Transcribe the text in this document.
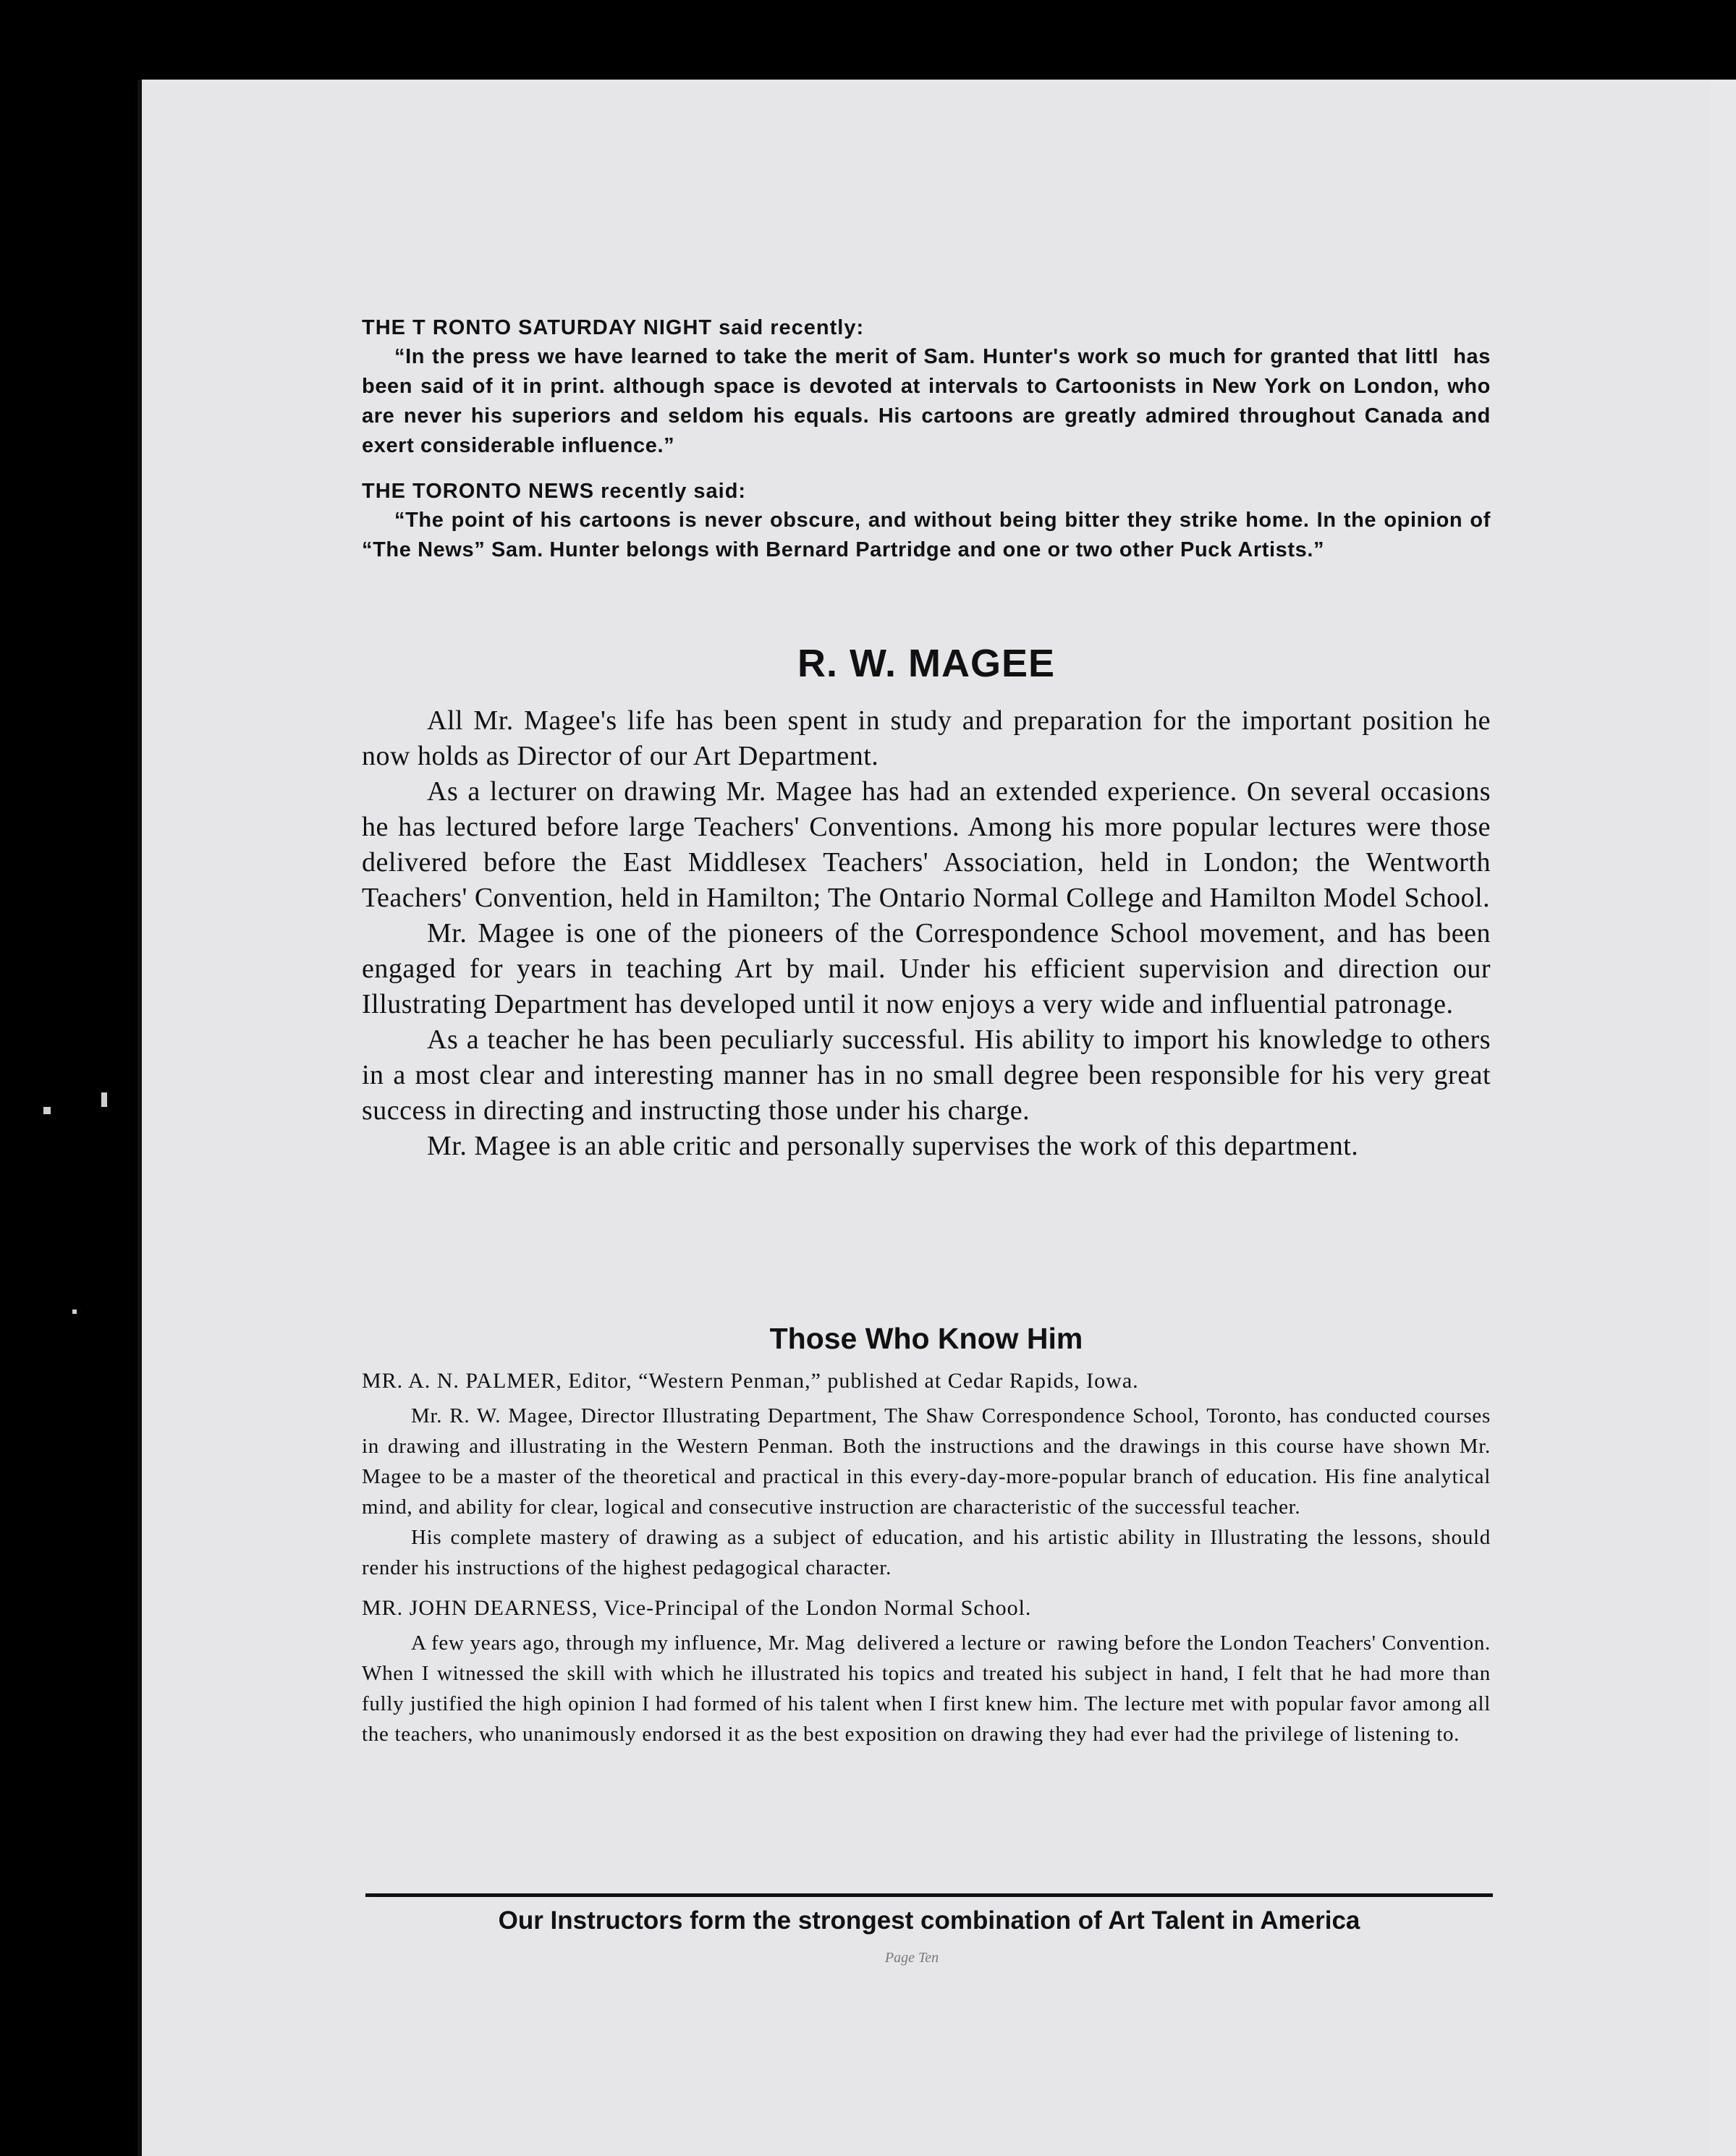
THE T RONTO SATURDAY NIGHT said recently:

“In the press we have learned to take the merit of Sam. Hunter's work so much for granted that littl  has been said of it in print. although space is devoted at intervals to Cartoonists in New York on London, who are never his superiors and seldom his equals. His cartoons are greatly admired throughout Canada and exert considerable influence.”

THE TORONTO NEWS recently said:

“The point of his cartoons is never obscure, and without being bitter they strike home. In the opinion of “The News” Sam. Hunter belongs with Bernard Partridge and one or two other Puck Artists.”

R. W. MAGEE

All Mr. Magee's life has been spent in study and preparation for the important position he now holds as Director of our Art Department.

As a lecturer on drawing Mr. Magee has had an extended experience. On several occasions he has lectured before large Teachers' Conventions. Among his more popular lectures were those delivered before the East Middlesex Teachers' Association, held in London; the Wentworth Teachers' Convention, held in Hamilton; The Ontario Normal College and Hamilton Model School.

Mr. Magee is one of the pioneers of the Correspondence School movement, and has been engaged for years in teaching Art by mail. Under his efficient supervision and direction our Illustrating Department has developed until it now enjoys a very wide and influential patronage.

As a teacher he has been peculiarly successful. His ability to import his knowledge to others in a most clear and interesting manner has in no small degree been responsible for his very great success in directing and instructing those under his charge.

Mr. Magee is an able critic and personally supervises the work of this department.

Those Who Know Him

MR. A. N. PALMER, Editor, “Western Penman,” published at Cedar Rapids, Iowa.

Mr. R. W. Magee, Director Illustrating Department, The Shaw Correspondence School, Toronto, has conducted courses in drawing and illustrating in the Western Penman. Both the instructions and the drawings in this course have shown Mr. Magee to be a master of the theoretical and practical in this every-day-more-popular branch of education. His fine analytical mind, and ability for clear, logical and consecutive instruction are characteristic of the successful teacher.

His complete mastery of drawing as a subject of education, and his artistic ability in Illustrating the lessons, should render his instructions of the highest pedagogical character.

MR. JOHN DEARNESS, Vice-Principal of the London Normal School.

A few years ago, through my influence, Mr. Mag  delivered a lecture or  rawing before the London Teachers' Convention. When I witnessed the skill with which he illustrated his topics and treated his subject in hand, I felt that he had more than fully justified the high opinion I had formed of his talent when I first knew him. The lecture met with popular favor among all the teachers, who unanimously endorsed it as the best exposition on drawing they had ever had the privilege of listening to.

Our Instructors form the strongest combination of Art Talent in America
Page Ten
